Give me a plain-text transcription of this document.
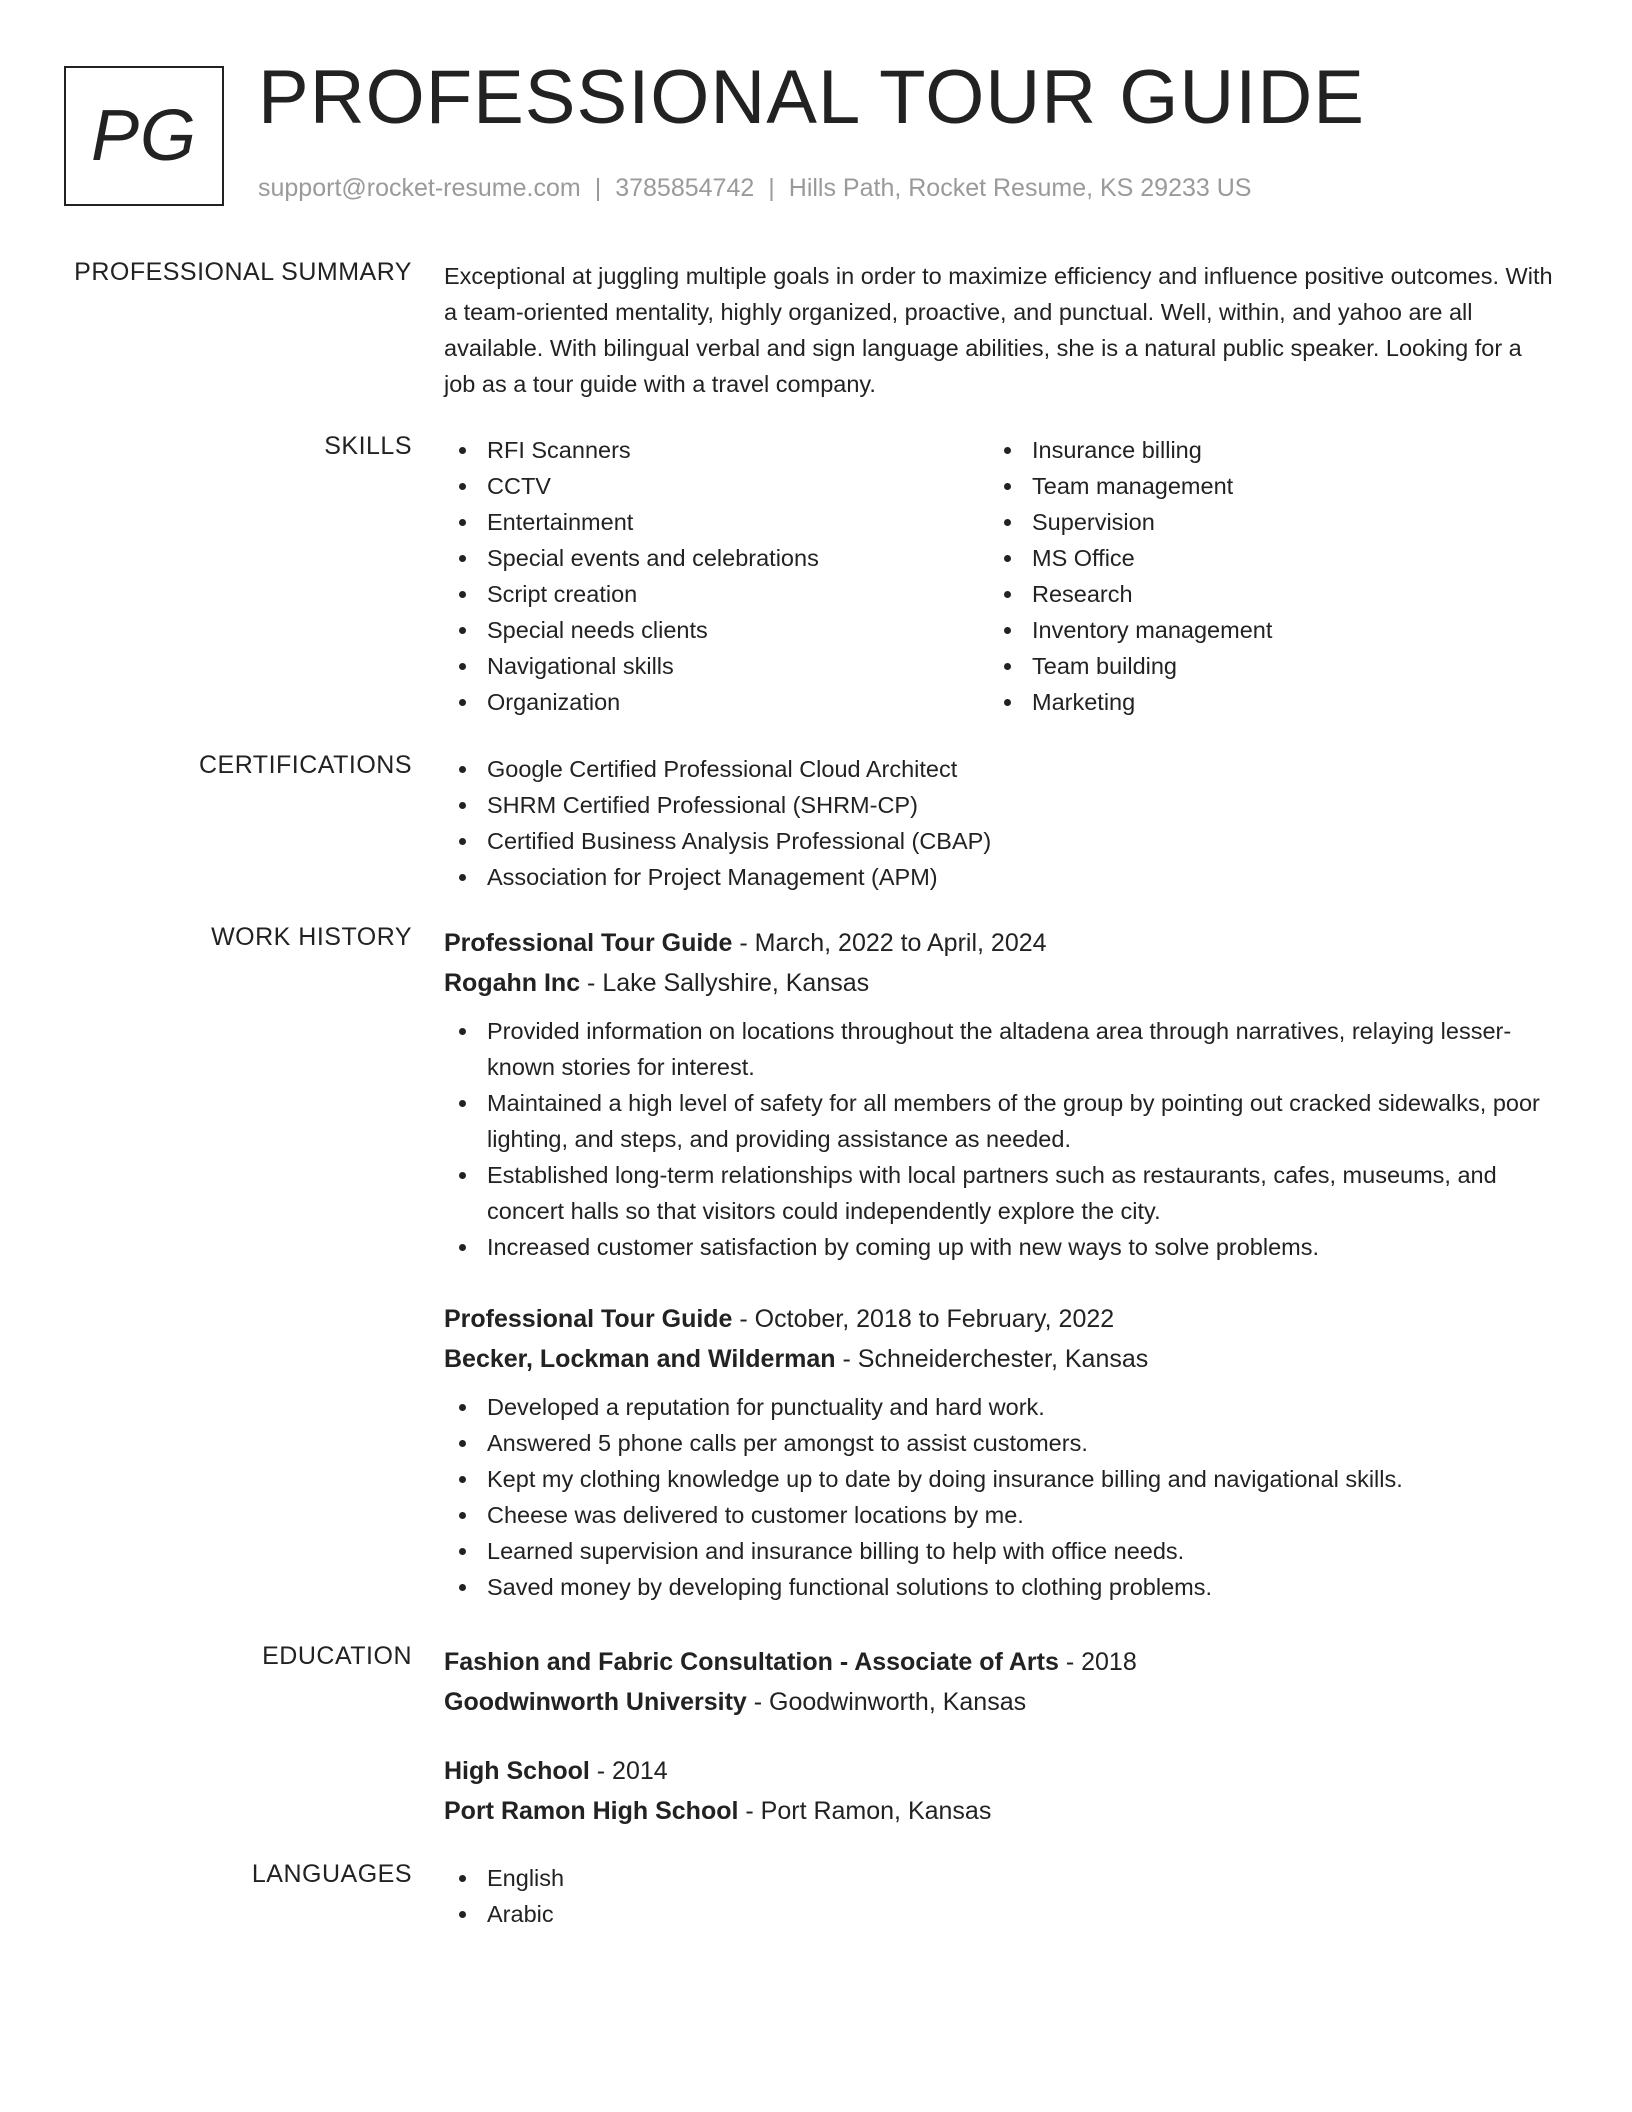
PG PROFESSIONAL TOUR GUIDE
support@rocket-resume.com | 3785854742 | Hills Path, Rocket Resume, KS 29233 US
PROFESSIONAL SUMMARY Exceptional at juggling multiple goals in order to maximize efficiency and influence positive outcomes. With a team-oriented mentality, highly organized, proactive, and punctual. Well, within, and yahoo are all available. With bilingual verbal and sign language abilities, she is a natural public speaker. Looking for a job as a tour guide with a travel company.
SKILLS	RFI Scanners
CCTV
Entertainment
Special events and celebrations
Script creation
Special needs clients
Navigational skills
Organization
Insurance billing
Team management
Supervision
MS Office
Research
Inventory management
Team building
Marketing
CERTIFICATIONS	Google Certified Professional Cloud Architect
SHRM Certified Professional (SHRM-CP)
Certified Business Analysis Professional (CBAP)
Association for Project Management (APM)
WORK HISTORY Professional Tour Guide - March, 2022 to April, 2024
Rogahn Inc - Lake Sallyshire, Kansas
Provided information on locations throughout the altadena area through narratives, relaying lesser-known stories for interest.
Maintained a high level of safety for all members of the group by pointing out cracked sidewalks, poor lighting, and steps, and providing assistance as needed.
Established long-term relationships with local partners such as restaurants, cafes, museums, and concert halls so that visitors could independently explore the city.
Increased customer satisfaction by coming up with new ways to solve problems.
Professional Tour Guide - October, 2018 to February, 2022
Becker, Lockman and Wilderman - Schneiderchester, Kansas
Developed a reputation for punctuality and hard work.
Answered 5 phone calls per amongst to assist customers.
Kept my clothing knowledge up to date by doing insurance billing and navigational skills.
Cheese was delivered to customer locations by me.
Learned supervision and insurance billing to help with office needs.
Saved money by developing functional solutions to clothing problems.
EDUCATION Fashion and Fabric Consultation - Associate of Arts - 2018
Goodwinworth University - Goodwinworth, Kansas
High School - 2014
Port Ramon High School - Port Ramon, Kansas
LANGUAGES	English
Arabic
